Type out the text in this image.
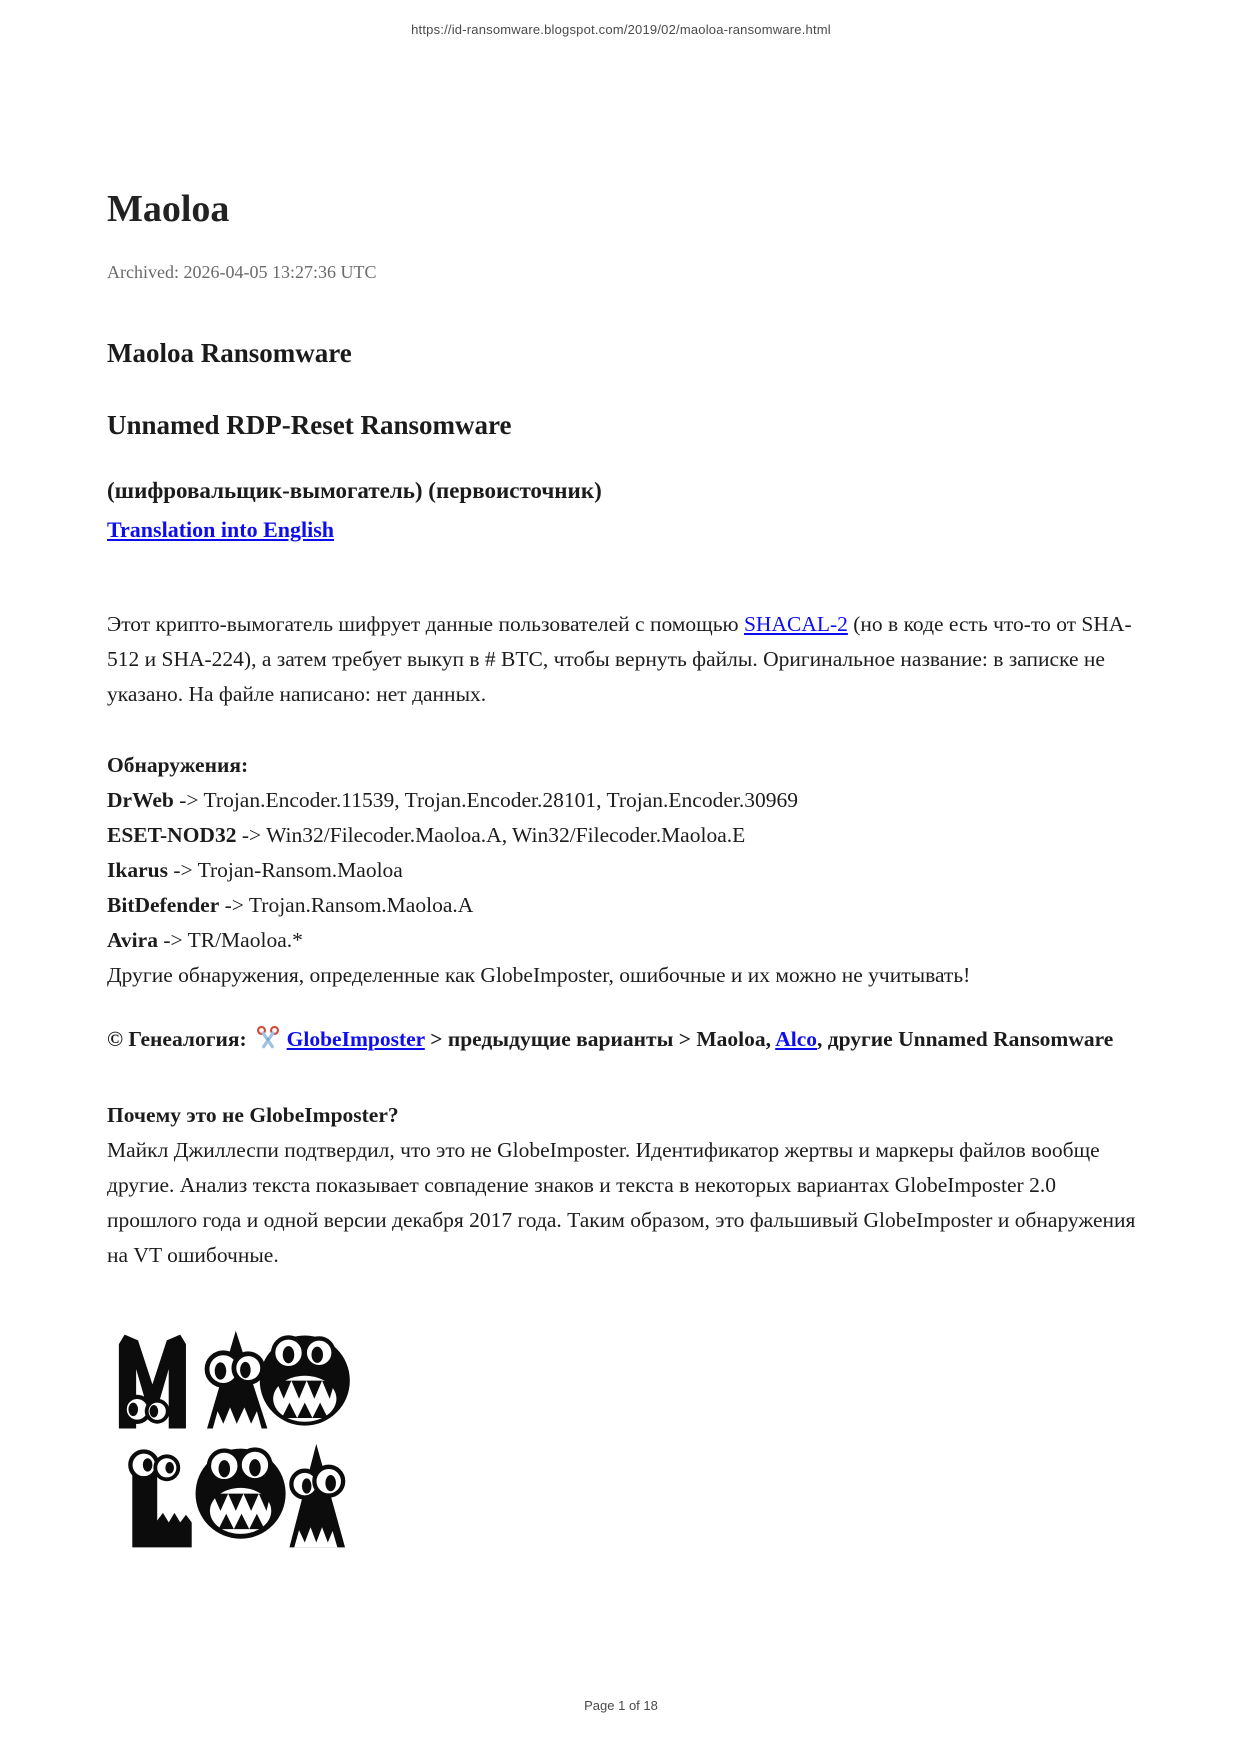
https://id-ransomware.blogspot.com/2019/02/maoloa-ransomware.html
Maoloa
Archived: 2026-04-05 13:27:36 UTC
Maoloa Ransomware
Unnamed RDP-Reset Ransomware
(шифровальщик-вымогатель) (первоисточник)
Translation into English

Этот крипто-вымогатель шифрует данные пользователей с помощью SHACAL-2 (но в коде есть что-то от SHA-512 и SHA-224), а затем требует выкуп в # BTC, чтобы вернуть файлы. Оригинальное название: в записке не указано. На файле написано: нет данных.

Обнаружения:
DrWeb -> Trojan.Encoder.11539, Trojan.Encoder.28101, Trojan.Encoder.30969
ESET-NOD32 -> Win32/Filecoder.Maoloa.A, Win32/Filecoder.Maoloa.E
Ikarus -> Trojan-Ransom.Maoloa
BitDefender -> Trojan.Ransom.Maoloa.A
Avira -> TR/Maoloa.*
Другие обнаружения, определенные как GlobeImposter, ошибочные и их можно не учитывать!

© Генеалогия: GlobeImposter > предыдущие варианты > Maoloa, Alco, другие Unnamed Ransomware

Почему это не GlobeImposter?
Майкл Джиллеспи подтвердил, что это не GlobeImposter. Идентификатор жертвы и маркеры файлов вообще другие. Анализ текста показывает совпадение знаков и текста в некоторых вариантах GlobeImposter 2.0 прошлого года и одной версии декабря 2017 года. Таким образом, это фальшивый GlobeImposter и обнаружения на VT ошибочные.
Page 1 of 18
